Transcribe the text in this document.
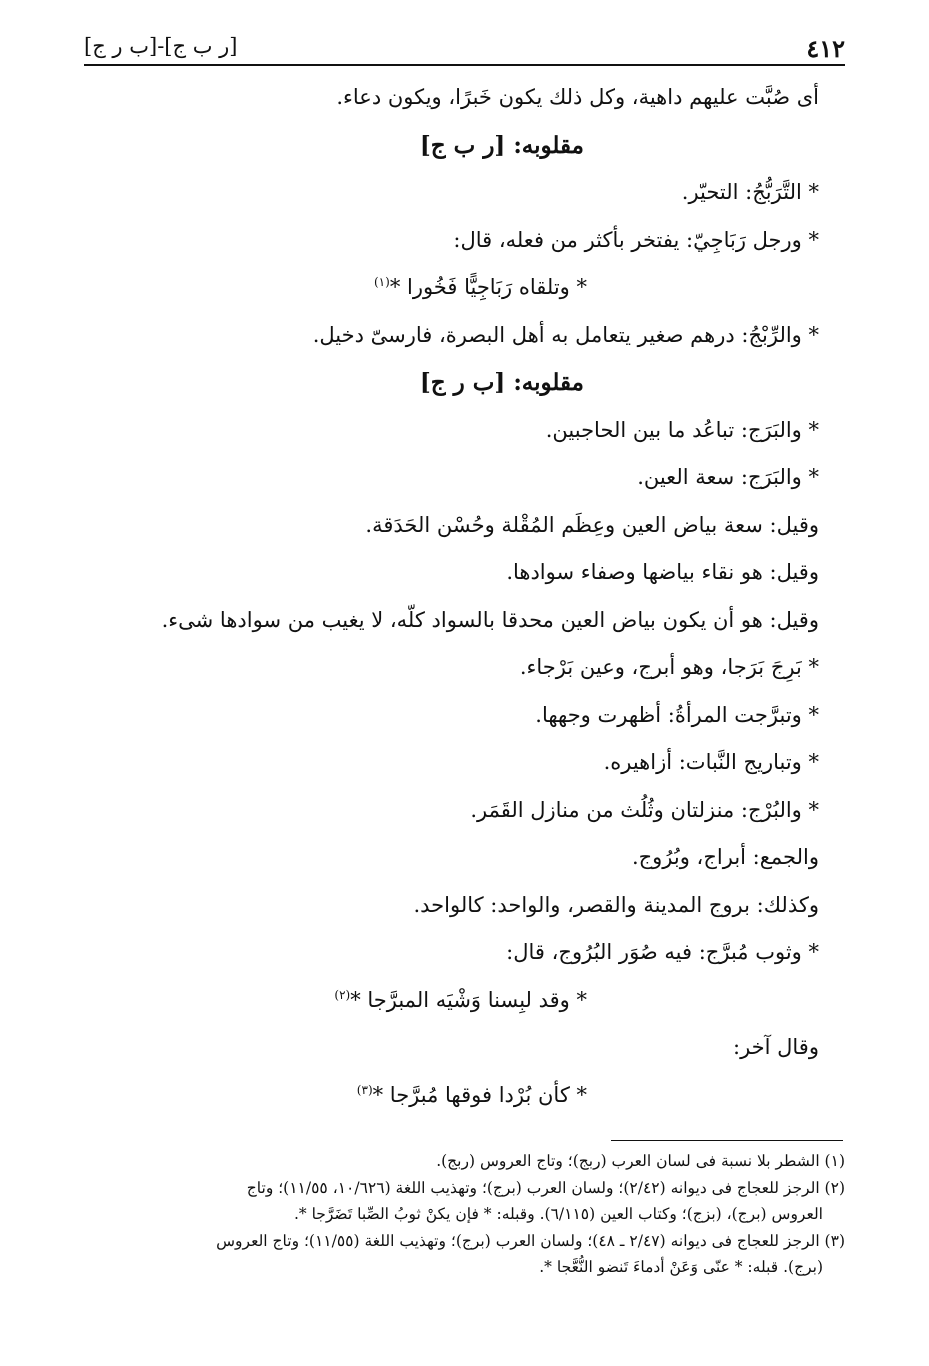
٤١٢
[ر ب ج]-[ب ر ج]
أى صُبَّت عليهم داهية، وكل ذلك يكون خَبرًا، ويكون دعاء.
مقلوبه: [ر ب ج]
* التَّرَبُّجُ: التحيّر.
* ورجل رَبَاجِيّ: يفتخر بأكثر من فعله، قال:
* وتلقاه رَبَاجِيًّا فَخُورا *$^{(١)}$
* والرِّبْجُ: درهم صغير يتعامل به أهل البصرة، فارسىّ دخيل.
مقلوبه: [ب ر ج]
* والبَرَج: تباعُد ما بين الحاجبين.
* والبَرَج: سعة العين.
وقيل: سعة بياض العين وعِظَم المُقْلة وحُسْن الحَدَقة.
وقيل: هو نقاء بياضها وصفاء سوادها.
وقيل: هو أن يكون بياض العين محدقا بالسواد كلّه، لا يغيب من سوادها شىء.
* بَرِجَ بَرَجا، وهو أبرج، وعين بَرْجاء.
* وتبرَّجت المرأةُ: أظهرت وجهها.
* وتباريج النَّبات: أزاهيره.
* والبُرْج: منزلتان وثُلُث من منازل القَمَر.
والجمع: أبراج، وبُرُوج.
وكذلك: بروج المدينة والقصر، والواحد: كالواحد.
* وثوب مُبرَّج: فيه صُوَر البُرُوج، قال:
* وقد لبِسنا وَشْيَه المبرَّجا *$^{(٢)}$
وقال آخر:
* كأن بُرْدا فوقها مُبرَّجا *$^{(٣)}$
(١) الشطر بلا نسبة فى لسان العرب (ربج)؛ وتاج العروس (ربج).
(٢) الرجز للعجاج فى ديوانه (٢/٤٢)؛ ولسان العرب (برج)؛ وتهذيب اللغة (١٠/٦٢٦، ١١/٥٥)؛ وتاج
العروس (برج)، (بزج)؛ وكتاب العين (٦/١١٥). وقبله: * فإن يكنْ ثوبُ الصِّبا تَضَرَّجا *.
(٣) الرجز للعجاج فى ديوانه (٢/٤٧ ـ ٤٨)؛ ولسان العرب (برج)؛ وتهذيب اللغة (١١/٥٥)؛ وتاج العروس
(برج). قبله: * عنّى وَعَنْ أدماءَ تَنضو النُّعَّجا *.
